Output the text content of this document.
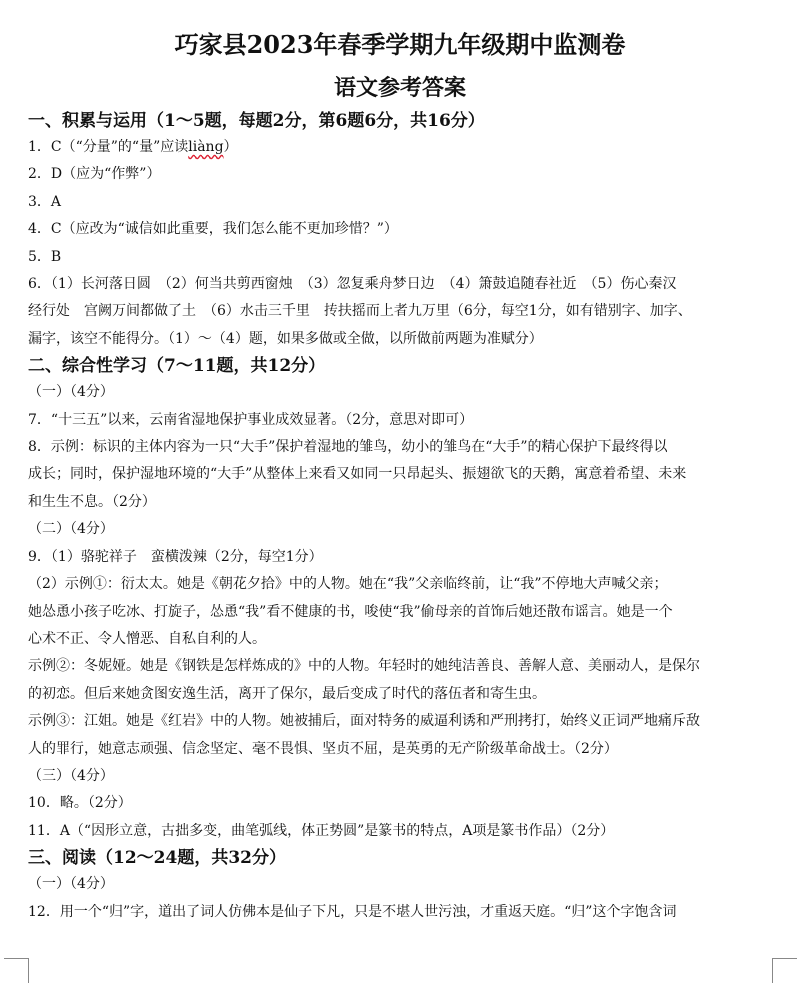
巧家县2023年春季学期九年级期中监测卷
语文参考答案
一、积累与运用（1～5题，每题2分，第6题6分，共16分）

1．C（“分量”的“量”应读liàng）

2．D（应为“作弊”）

3．A

4．C（应改为“诚信如此重要，我们怎么能不更加珍惜？”）

5．B

6．（1）长河落日圆　（2）何当共剪西窗烛　（3）忽复乘舟梦日边　（4）箫鼓追随春社近　（5）伤心秦汉

经行处　宫阙万间都做了土　（6）水击三千里　抟扶摇而上者九万里（6分，每空1分，如有错别字、加字、

漏字，该空不能得分。（1）～（4）题，如果多做或全做，以所做前两题为准赋分）

二、综合性学习（7～11题，共12分）

（一）（4分）

7．“十三五”以来，云南省湿地保护事业成效显著。（2分，意思对即可）

8．示例：标识的主体内容为一只“大手”保护着湿地的雏鸟，幼小的雏鸟在“大手”的精心保护下最终得以

成长；同时，保护湿地环境的“大手”从整体上来看又如同一只昂起头、振翅欲飞的天鹅，寓意着希望、未来

和生生不息。（2分）

（二）（4分）

9．（1）骆驼祥子　蛮横泼辣（2分，每空1分）

（2）示例①：衍太太。她是《朝花夕拾》中的人物。她在“我”父亲临终前，让“我”不停地大声喊父亲；

她怂恿小孩子吃冰、打旋子，怂恿“我”看不健康的书，唆使“我”偷母亲的首饰后她还散布谣言。她是一个

心术不正、令人憎恶、自私自利的人。

示例②：冬妮娅。她是《钢铁是怎样炼成的》中的人物。年轻时的她纯洁善良、善解人意、美丽动人，是保尔

的初恋。但后来她贪图安逸生活，离开了保尔，最后变成了时代的落伍者和寄生虫。

示例③：江姐。她是《红岩》中的人物。她被捕后，面对特务的威逼利诱和严刑拷打，始终义正词严地痛斥敌

人的罪行，她意志顽强、信念坚定、毫不畏惧、坚贞不屈，是英勇的无产阶级革命战士。（2分）

（三）（4分）

10．略。（2分）

11．A（“因形立意，古拙多变，曲笔弧线，体正势圆”是篆书的特点，A项是篆书作品）（2分）

三、阅读（12～24题，共32分）

（一）（4分）

12．用一个“归”字，道出了词人仿佛本是仙子下凡，只是不堪人世污浊，才重返天庭。“归”这个字饱含词
